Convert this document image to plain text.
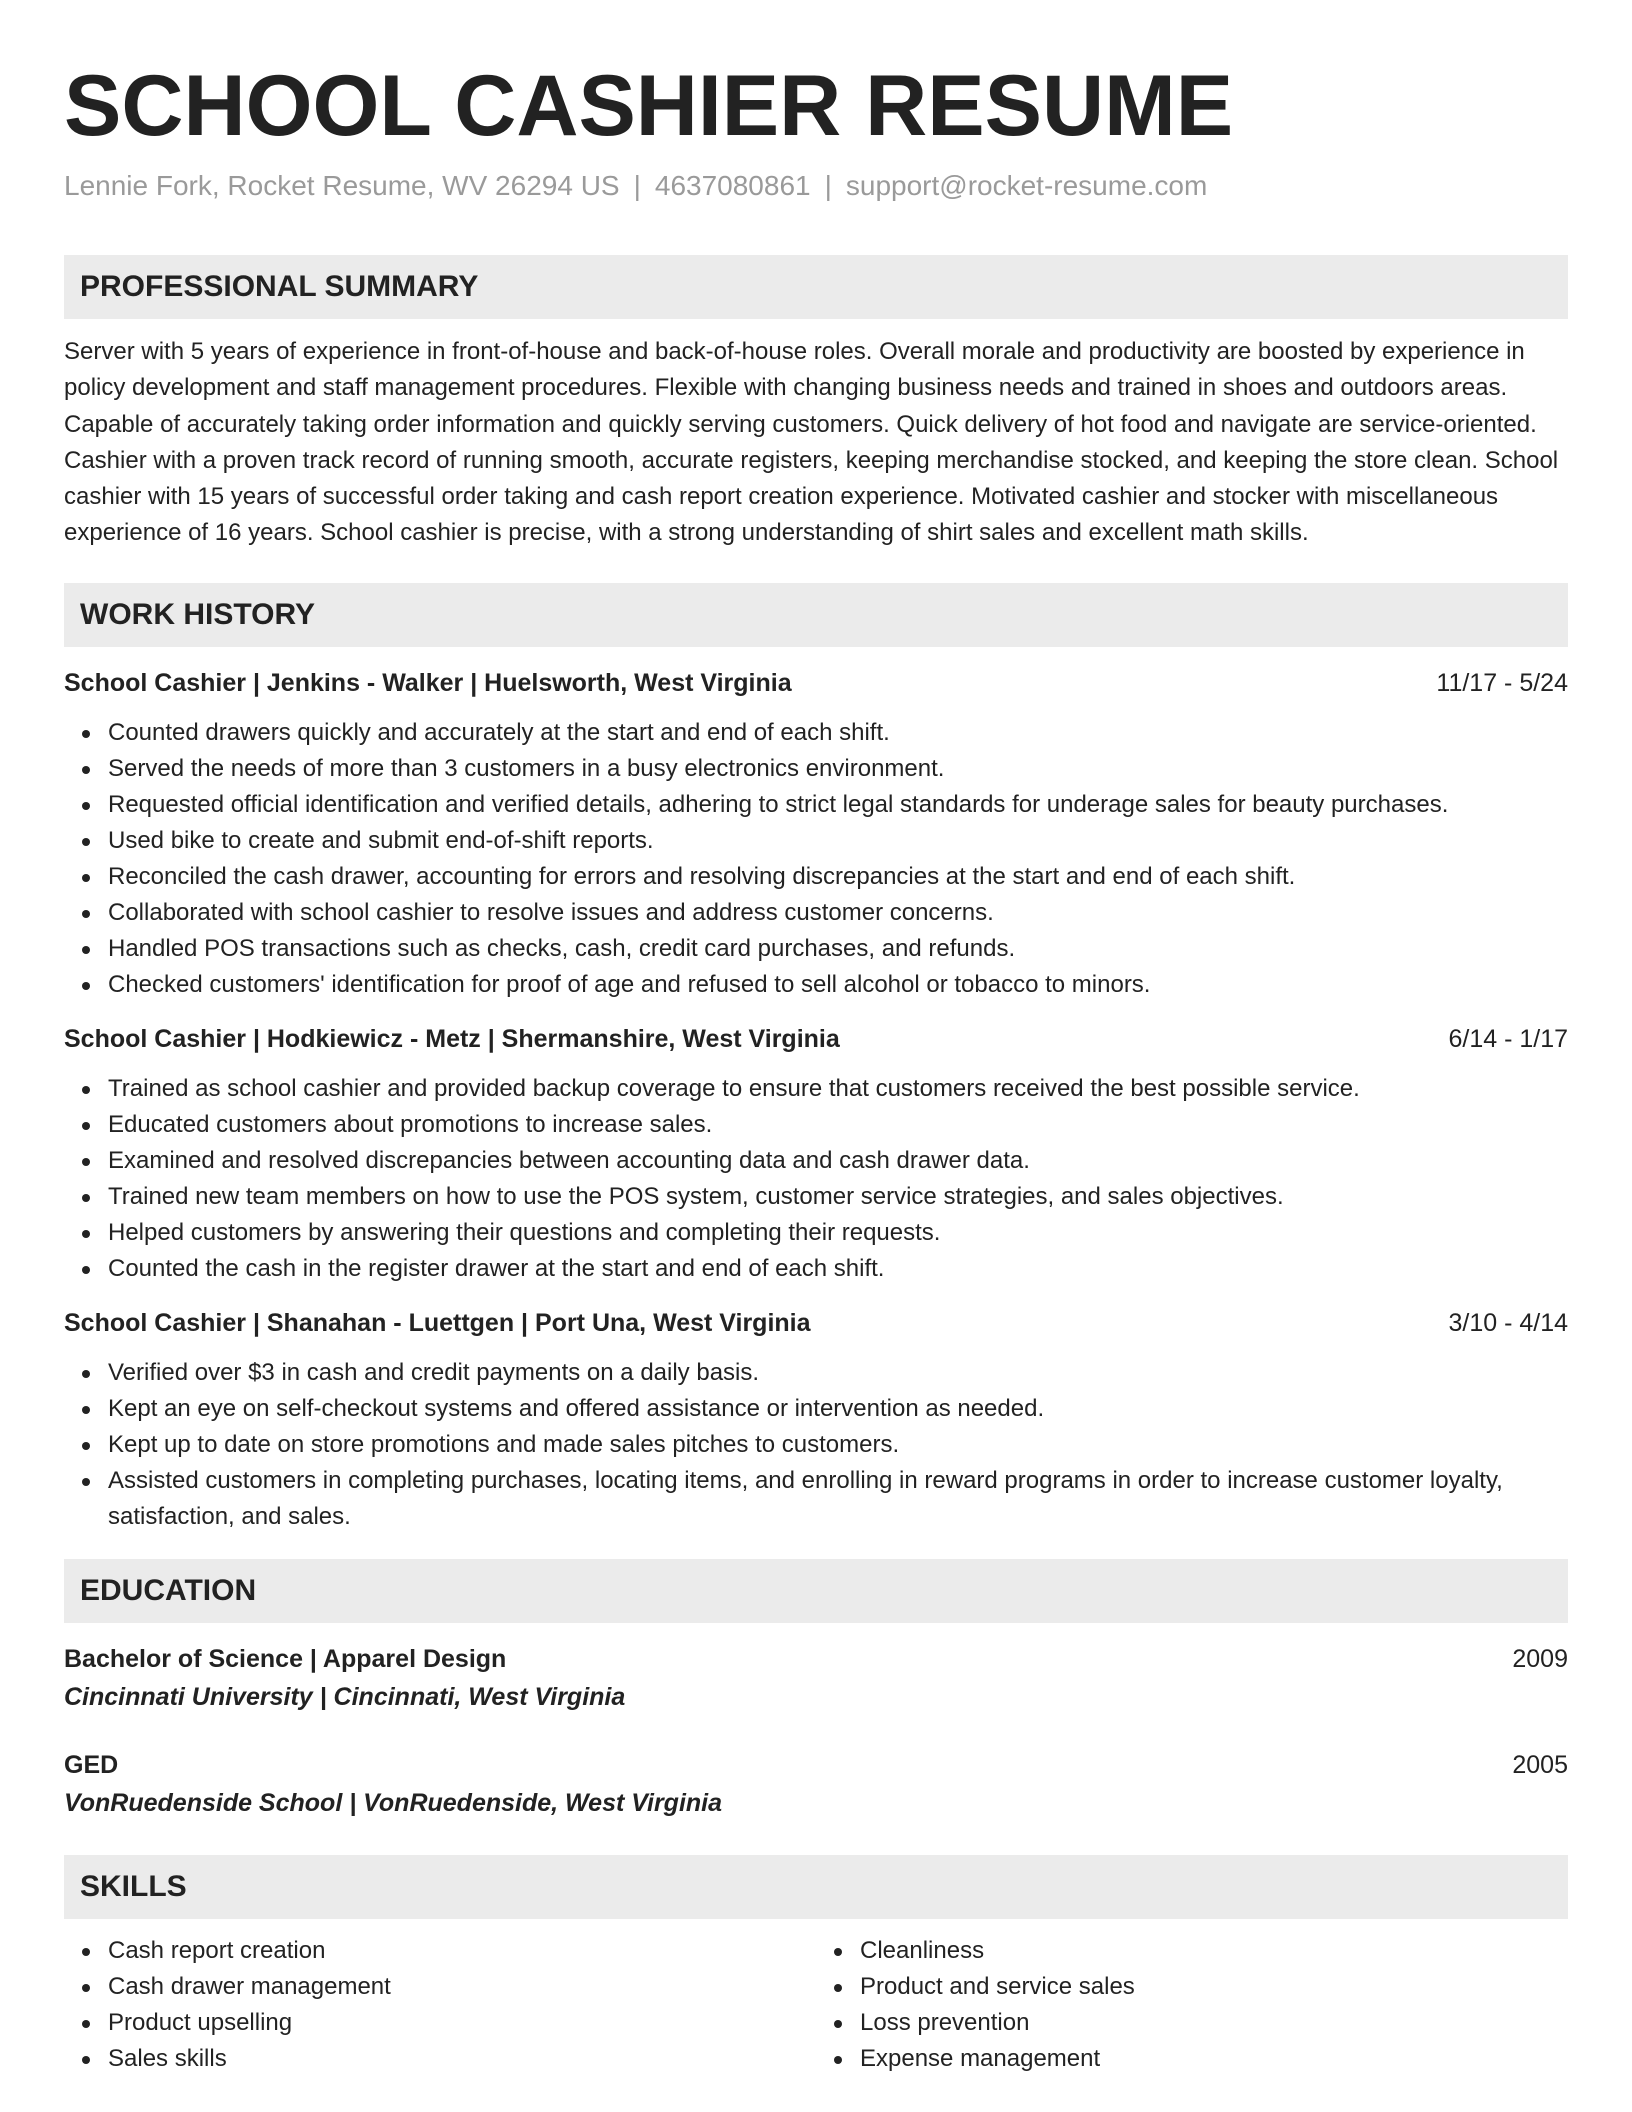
SCHOOL CASHIER RESUME
Lennie Fork, Rocket Resume, WV 26294 US | 4637080861 | support@rocket-resume.com
PROFESSIONAL SUMMARY

Server with 5 years of experience in front-of-house and back-of-house roles. Overall morale and productivity are boosted by experience in policy development and staff management procedures. Flexible with changing business needs and trained in shoes and outdoors areas. Capable of accurately taking order information and quickly serving customers. Quick delivery of hot food and navigate are service-oriented. Cashier with a proven track record of running smooth, accurate registers, keeping merchandise stocked, and keeping the store clean. School cashier with 15 years of successful order taking and cash report creation experience. Motivated cashier and stocker with miscellaneous experience of 16 years. School cashier is precise, with a strong understanding of shirt sales and excellent math skills.

WORK HISTORY
School Cashier | Jenkins - Walker | Huelsworth, West Virginia	11/17 - 5/24
Counted drawers quickly and accurately at the start and end of each shift.
Served the needs of more than 3 customers in a busy electronics environment.
Requested official identification and verified details, adhering to strict legal standards for underage sales for beauty purchases.
Used bike to create and submit end-of-shift reports.
Reconciled the cash drawer, accounting for errors and resolving discrepancies at the start and end of each shift.
Collaborated with school cashier to resolve issues and address customer concerns.
Handled POS transactions such as checks, cash, credit card purchases, and refunds.
Checked customers' identification for proof of age and refused to sell alcohol or tobacco to minors.
School Cashier | Hodkiewicz - Metz | Shermanshire, West Virginia	6/14 - 1/17
Trained as school cashier and provided backup coverage to ensure that customers received the best possible service.
Educated customers about promotions to increase sales.
Examined and resolved discrepancies between accounting data and cash drawer data.
Trained new team members on how to use the POS system, customer service strategies, and sales objectives.
Helped customers by answering their questions and completing their requests.
Counted the cash in the register drawer at the start and end of each shift.
School Cashier | Shanahan - Luettgen | Port Una, West Virginia	3/10 - 4/14
Verified over $3 in cash and credit payments on a daily basis.
Kept an eye on self-checkout systems and offered assistance or intervention as needed.
Kept up to date on store promotions and made sales pitches to customers.
Assisted customers in completing purchases, locating items, and enrolling in reward programs in order to increase customer loyalty, satisfaction, and sales.
EDUCATION
Bachelor of Science | Apparel Design	2009
Cincinnati University | Cincinnati, West Virginia
GED	2005
VonRuedenside School | VonRuedenside, West Virginia
SKILLS
Cash report creation
Cash drawer management
Product upselling
Sales skills
Cleanliness
Product and service sales
Loss prevention
Expense management
